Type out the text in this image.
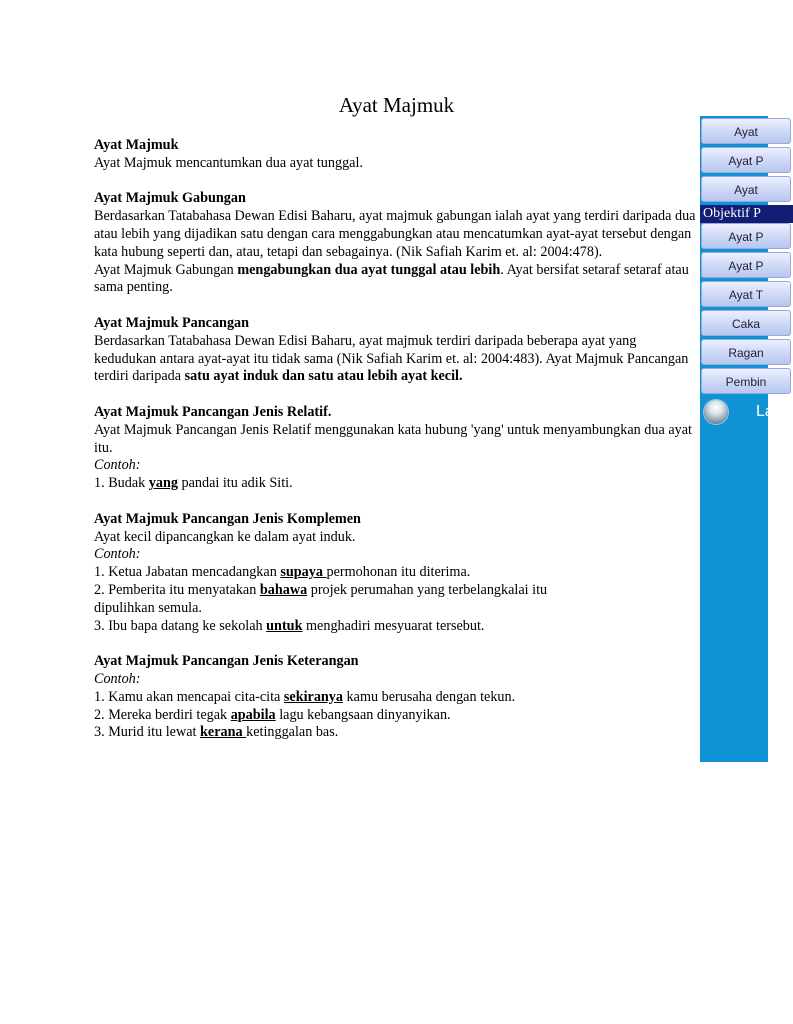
Ayat Majmuk

Ayat Majmuk

Ayat Majmuk mencantumkan dua ayat tunggal.

Ayat Majmuk Gabungan

Berdasarkan Tatabahasa Dewan Edisi Baharu, ayat majmuk gabungan ialah ayat yang terdiri daripada dua atau lebih yang dijadikan satu dengan cara menggabungkan atau mencatumkan ayat-ayat tersebut dengan kata hubung seperti dan, atau, tetapi dan sebagainya. (Nik Safiah Karim et. al: 2004:478).

Ayat Majmuk Gabungan mengabungkan dua ayat tunggal atau lebih. Ayat bersifat setaraf setaraf atau sama penting.

Ayat Majmuk Pancangan

Berdasarkan Tatabahasa Dewan Edisi Baharu, ayat majmuk terdiri daripada beberapa ayat yang kedudukan antara ayat-ayat itu tidak sama (Nik Safiah Karim et. al: 2004:483). Ayat Majmuk Pancangan terdiri daripada satu ayat induk dan satu atau lebih ayat kecil.

Ayat Majmuk Pancangan Jenis Relatif.

Ayat Majmuk Pancangan Jenis Relatif menggunakan kata hubung 'yang' untuk menyambungkan dua ayat itu.

Contoh:

1. Budak yang pandai itu adik Siti.

Ayat Majmuk Pancangan Jenis Komplemen

Ayat kecil dipancangkan ke dalam ayat induk.

Contoh:

1. Ketua Jabatan mencadangkan supaya permohonan itu diterima.

2. Pemberita itu menyatakan bahawa projek perumahan yang terbelangkalai itu

dipulihkan semula.

3. Ibu bapa datang ke sekolah untuk menghadiri mesyuarat tersebut.

Ayat Majmuk Pancangan Jenis Keterangan

Contoh:

1. Kamu akan mencapai cita-cita sekiranya kamu berusaha dengan tekun.

2. Mereka berdiri tegak apabila lagu kebangsaan dinyanyikan.

3. Murid itu lewat kerana ketinggalan bas.

Ayat
Ayat P
Ayat
Objektif P
Ayat P
Ayat P
Ayat T
Caka
Ragan
Pembin
La
